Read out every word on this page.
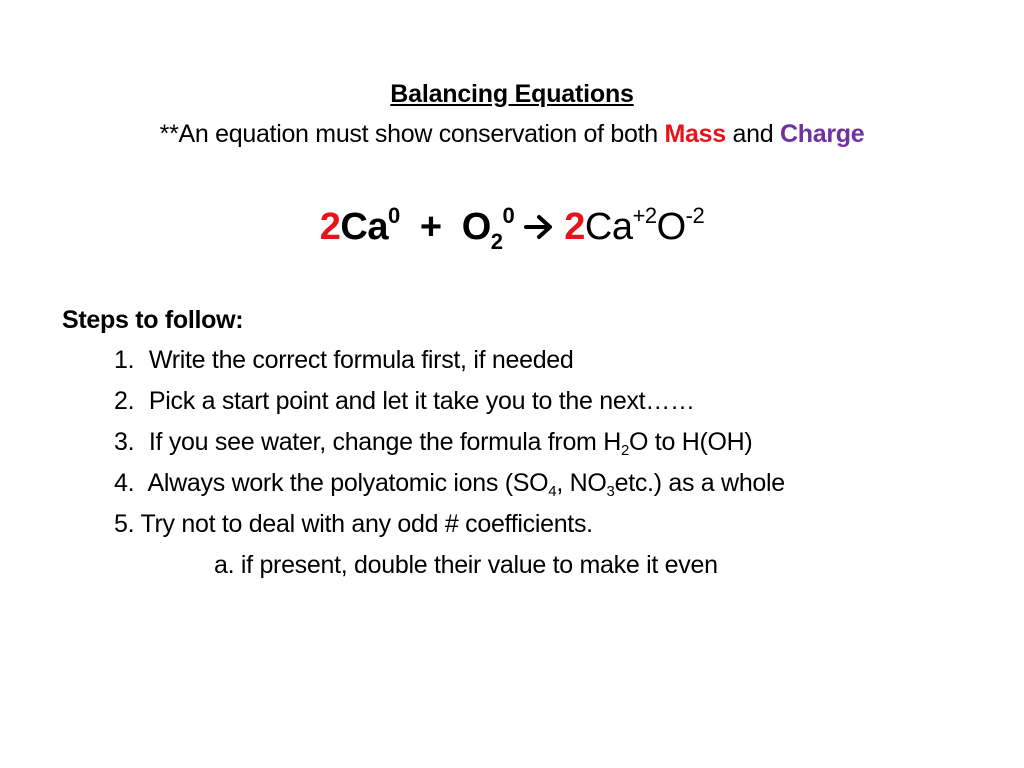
Balancing Equations
**An equation must show conservation of both Mass and Charge
$2Ca^0 + O_2^0$ $2Ca^{+2}O^{-2}$
Steps to follow:
1. Write the correct formula first, if needed
2. Pick a start point and let it take you to the next……
3. If you see water, change the formula from $H_2O$ to H(OH)
4. Always work the polyatomic ions ($SO_4$, $NO_3etc$.) as a whole
5. Try not to deal with any odd # coefficients.
a. if present, double their value to make it even
